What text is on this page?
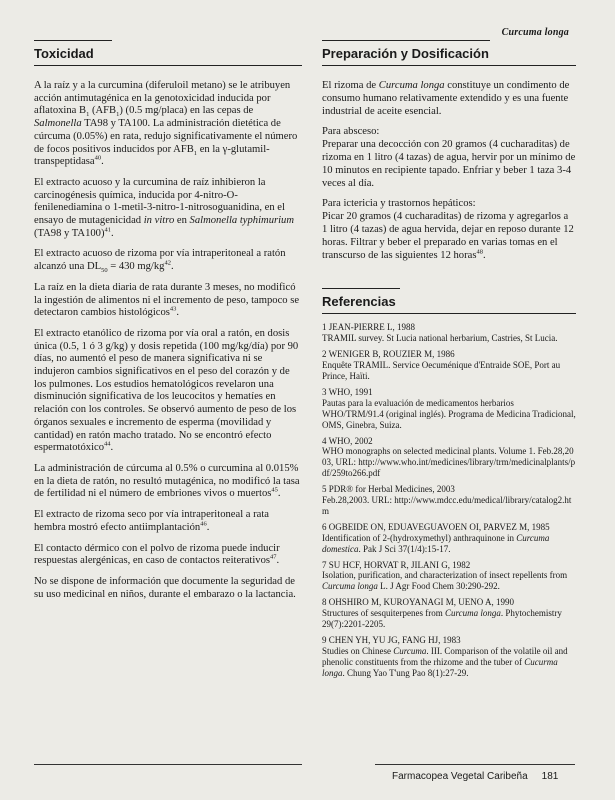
Curcuma longa
Toxicidad

A la raíz y a la curcumina (diferuloil metano) se le atribuyen acción antimutagénica en la genotoxicidad inducida por aflatoxina $B_1$ $(AFB_1)$ (0.5 mg/placa) en las cepas de Salmonella TA98 y TA100. La administración dietética de cúrcuma (0.05%) en rata, redujo significativamente el número de focos positivos inducidos por $AFB_1$ en la γ-glutamil-transpeptidasa$^{40}$.

El extracto acuoso y la curcumina de raíz inhibieron la carcinogénesis química, inducida por 4-nitro-O-fenilenediamina o 1-metil-3-nitro-1-nitrosoguanidina, en el ensayo de mutagenicidad in vitro en Salmonella typhimurium (TA98 y TA100)$^{41}$.

El extracto acuoso de rizoma por vía intraperitoneal a ratón alcanzó una $DL_{50} = 430$ $mg/kg^{42}$.

La raíz en la dieta diaria de rata durante 3 meses, no modificó la ingestión de alimentos ni el incremento de peso, tampoco se detectaron cambios histológicos$^{43}$.

El extracto etanólico de rizoma por vía oral a ratón, en dosis única (0.5, 1 ó 3 g/kg) y dosis repetida (100 mg/kg/día) por 90 días, no aumentó el peso de manera significativa ni se indujeron cambios significativos en el peso del corazón y de los pulmones. Los estudios hematológicos revelaron una disminución significativa de los leucocitos y hematíes en relación con los controles. Se observó aumento de peso de los órganos sexuales e incremento de esperma (movilidad y cantidad) en ratón macho tratado. No se encontró efecto espermatotóxico$^{44}$.

La administración de cúrcuma al 0.5% o curcumina al 0.015% en la dieta de ratón, no resultó mutagénica, no modificó la tasa de fertilidad ni el número de embriones vivos o muertos$^{45}$.

El extracto de rizoma seco por vía intraperitoneal a rata hembra mostró efecto antiimplantación$^{46}$.

El contacto dérmico con el polvo de rizoma puede inducir respuestas alergénicas, en caso de contactos reiterativos$^{47}$.

No se dispone de información que documente la seguridad de su uso medicinal en niños, durante el embarazo o la lactancia.

Preparación y Dosificación

El rizoma de Curcuma longa constituye un condimento de consumo humano relativamente extendido y es una fuente industrial de aceite esencial.

Para absceso:
Preparar una decocción con 20 gramos (4 cucharaditas) de rizoma en 1 litro (4 tazas) de agua, hervir por un mínimo de 10 minutos en recipiente tapado. Enfriar y beber 1 taza 3-4 veces al día.

Para ictericia y trastornos hepáticos:
Picar 20 gramos (4 cucharaditas) de rizoma y agregarlos a 1 litro (4 tazas) de agua hervida, dejar en reposo durante 12 horas. Filtrar y beber el preparado en varias tomas en el transcurso de las siguientes 12 horas$^{48}$.

Referencias
1 JEAN-PIERRE L, 1988
TRAMIL survey. St Lucia national herbarium, Castries, St Lucia.
2 WENIGER B, ROUZIER M, 1986
Enquête TRAMIL. Service Oecuménique d'Entraide SOE, Port au Prince, Haïti.
3 WHO, 1991
Pautas para la evaluación de medicamentos herbarios WHO/TRM/91.4 (original inglés). Programa de Medicina Tradicional, OMS, Ginebra, Suiza.
4 WHO, 2002
WHO monographs on selected medicinal plants. Volume 1. Feb.28,2003, URL: http://www.who.int/medicines/library/trm/medicinalplants/pdf/259to266.pdf
5 PDR® for Herbal Medicines, 2003
Feb.28,2003. URL: http://www.mdcc.edu/medical/library/catalog2.htm
6 OGBEIDE ON, EDUAVEGUAVOEN OI, PARVEZ M, 1985
Identification of 2-(hydroxymethyl) anthraquinone in Curcuma domestica. Pak J Sci 37(1/4):15-17.
7 SU HCF, HORVAT R, JILANI G, 1982
Isolation, purification, and characterization of insect repellents from Curcuma longa L. J Agr Food Chem 30:290-292.
8 OHSHIRO M, KUROYANAGI M, UENO A, 1990
Structures of sesquiterpenes from Curcuma longa. Phytochemistry 29(7):2201-2205.
9 CHEN YH, YU JG, FANG HJ, 1983
Studies on Chinese Curcuma. III. Comparison of the volatile oil and phenolic constituents from the rhizome and the tuber of Cucurma longa. Chung Yao T'ung Pao 8(1):27-29.
Farmacopea Vegetal Caribeña 181
